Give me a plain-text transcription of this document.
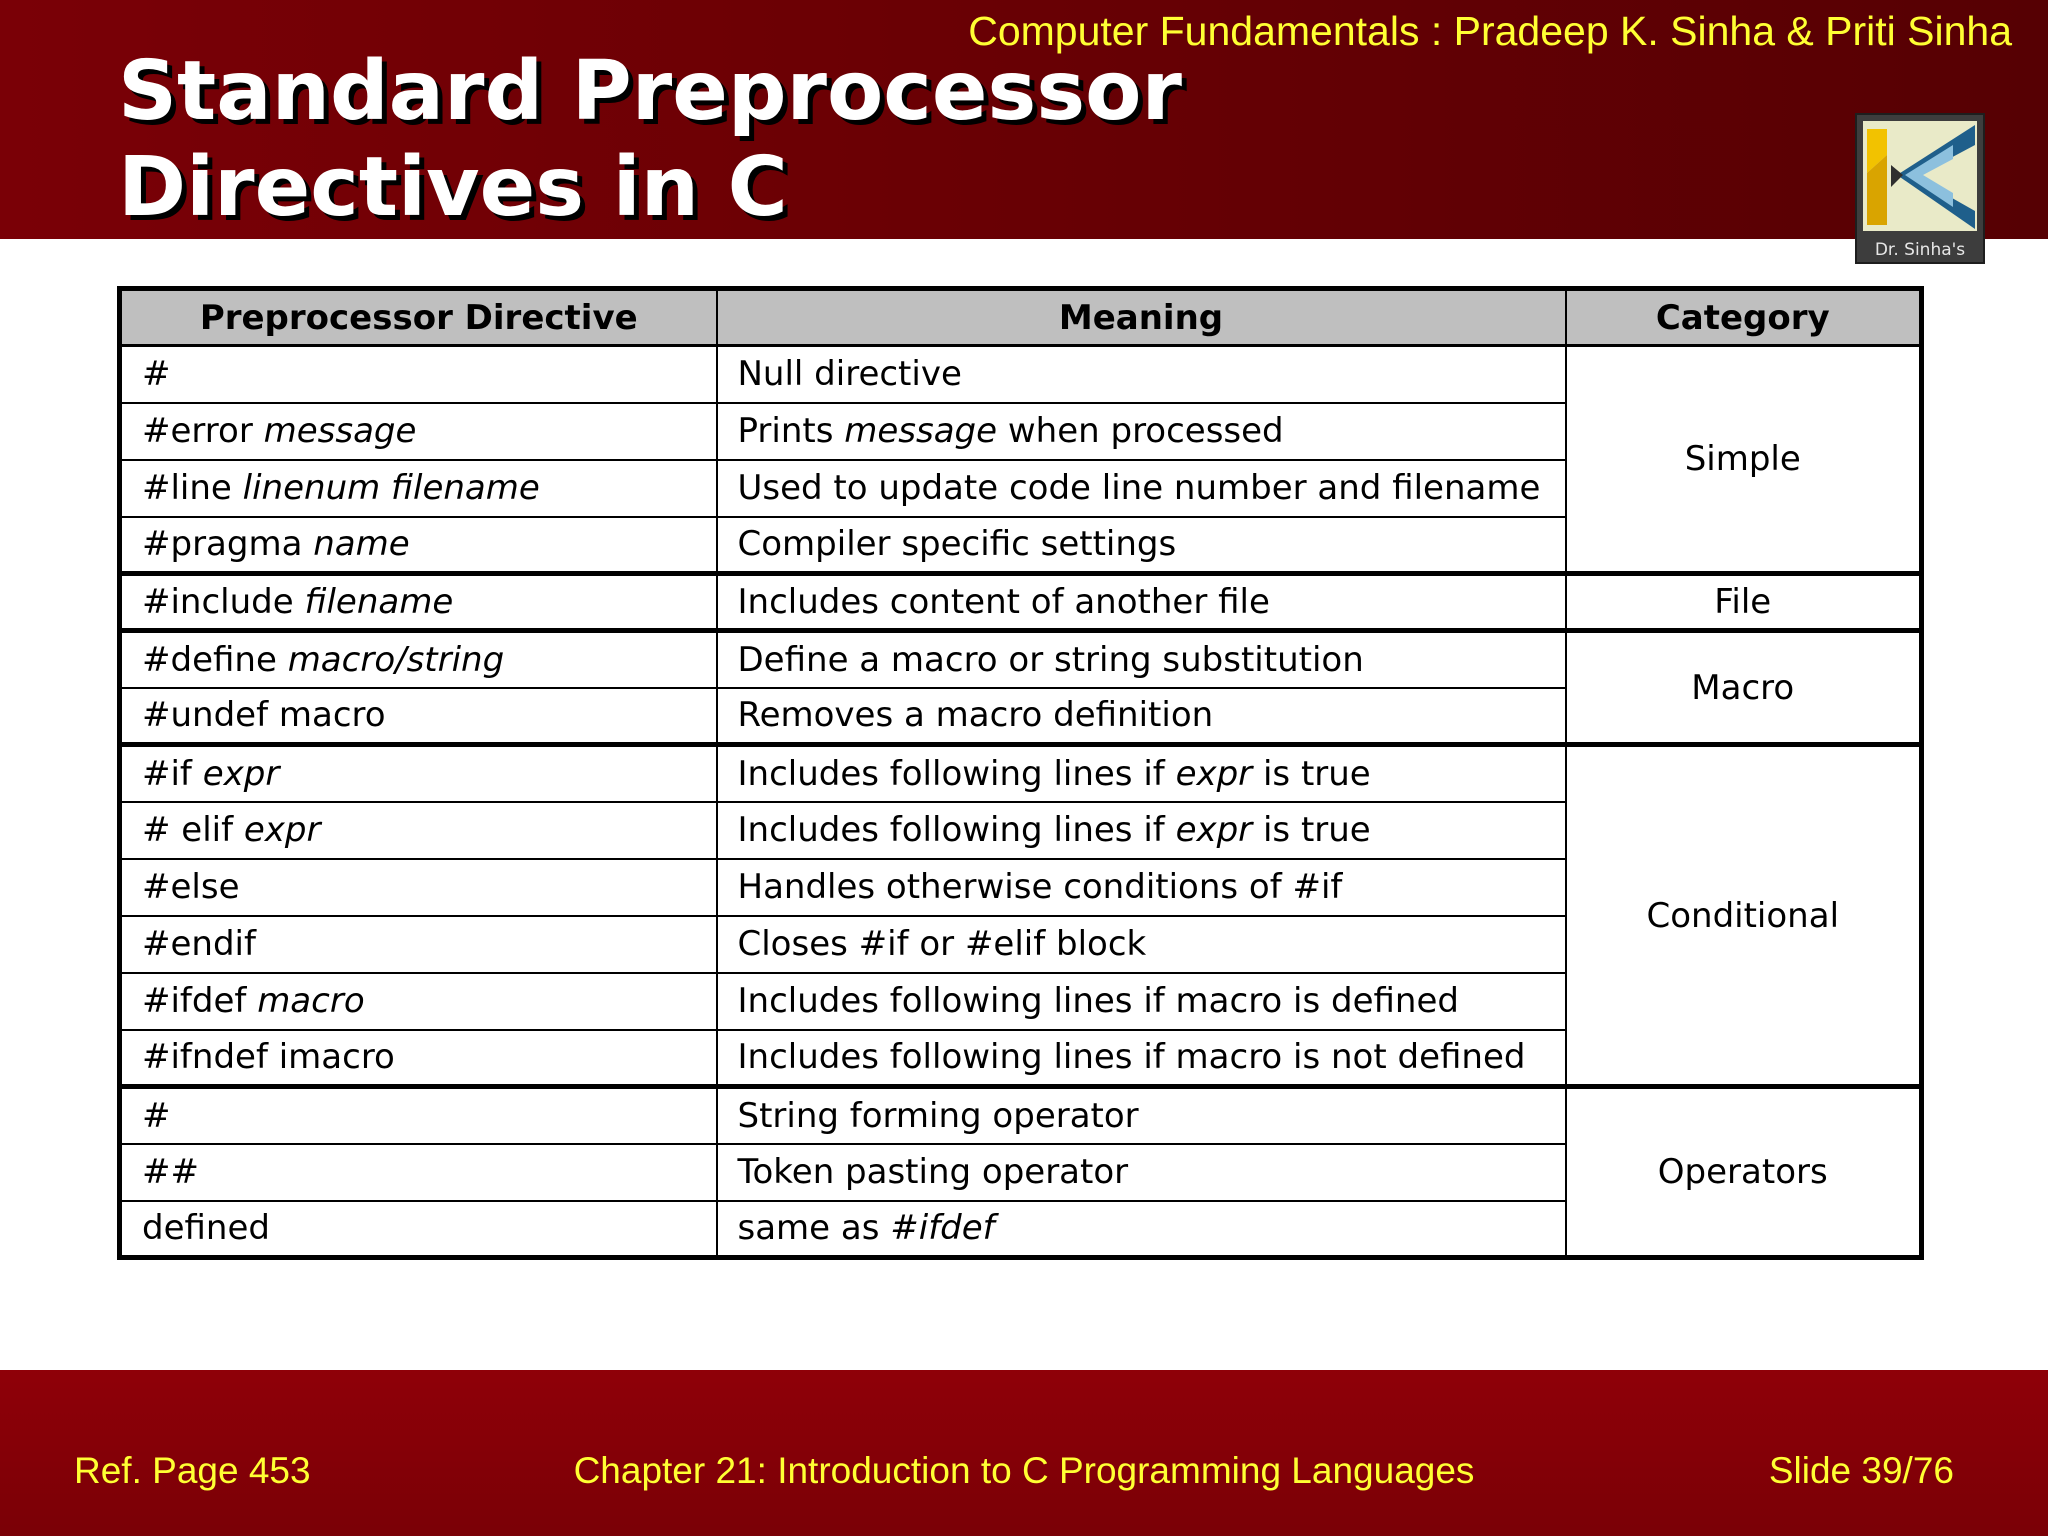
Computer Fundamentals : Pradeep K. Sinha & Priti Sinha
Standard Preprocessor
Directives in C
Dr. Sinha's
Preprocessor Directive	Meaning	Category
#	Null directive	Simple
#error message	Prints message when processed	
#line linenum filename	Used to update code line number and filename	
#pragma name	Compiler specific settings	
#include filename	Includes content of another file	File
#define macro/string	Define a macro or string substitution	Macro
#undef macro	Removes a macro definition	
#if expr	Includes following lines if expr is true	Conditional
# elif expr	Includes following lines if expr is true	
#else	Handles otherwise conditions of #if	
#endif	Closes #if or #elif block	
#ifdef macro	Includes following lines if macro is defined	
#ifndef imacro	Includes following lines if macro is not defined	
#	String forming operator	Operators
##	Token pasting operator	
defined	same as #ifdef	
Ref. Page 453	Chapter 21: Introduction to C Programming Languages	Slide 39/76
